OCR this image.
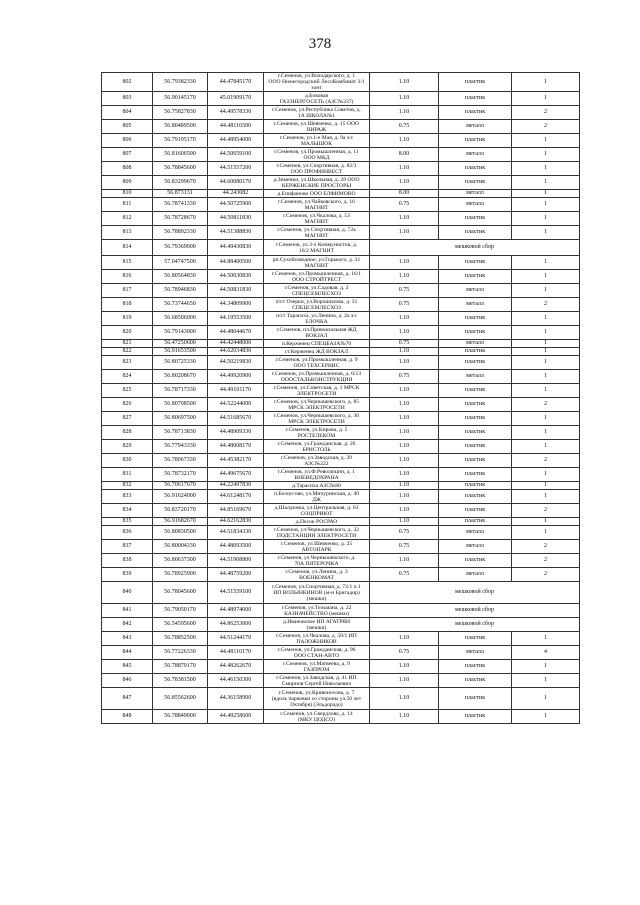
378
802	56.79382330	44.47845170	г.Семенов, ул.Володарского, д. 1
ООО Нижегородский ЛесоКомбинат 3/1 зонт	1.10	пластик	1
803	56.90145170	45.01909170	д.Боковая
ГАЗЭНЕРГОСЕТЬ (АЗС№337)	1.10	пластик	1
804	56.75827830	44.49578330	г.Семенов, ул.Республика Советов, д.
1А ШКОЛА№1	1.10	пластик	2
805	56.80489500	44.48116500	г.Семенов, ул.Шевченко, д. 15 ООО
ВИРАЖ	0.75	металл	2
806	56.79195170	44.48954000	г.Семенов, ул.1-е Мая, д. 9а з/с
МАЛЫШОК	1.10	пластик	1
807	56.81606500	44.50659100	г.Семенов, ул.Промышленная, д. 11
ООО МКД	8.00	металл	1
808	56.78845600	44.51557200	г.Семенов, ул.Спортивная, д. 82/1
ООО ПРОФИНВЕСТ	1.10	пластик	1
809	56.83299670	44.60080170	д.Зименки, ул.Школьная, д. 28 ООО
КЕРЖЕНСКИЕ ПРОСТОРЫ	1.10	пластик	1
810	56.873131	44.243082	д.Епифаново ООО ЕЛФИМОВО	8.00	металл	1
811	56.78741330	44.50725900	г.Семенов, ул.Чайковского, д. 16
МАГНИТ	0.75	металл	1
812	56.78728670	44.50811830	г.Семенов, ул.Чкалова, д. 53
МАГНИТ	1.10	пластик	1
813	56.78892330	44.51388830	г.Семенов, ул.Спортивная, д. 72а
МАГНИТ	1.10	пластик	1
814	56.79369000	44.49430830	г.Семенов, ул.3-х Коммунистов, д.
16/2 МАГНИТ	мешковой сбор		
815	57.04747500	44.88400500	рп.Сухобезводное, ул.Горького, д. 31
МАГНИТ	1.10	пластик	1
816	56.80564830	44.50030830	г.Семенов, ул.Промышленная, д. 16/1
ООО СТРОЙТРЕСТ	1.10	пластик	1
817	56.78946830	44.50831830	г.Семенов, ул.Садовая, д. 2
СПЕЦСЕМЛЕСХОЗ	0.75	металл	1
818	56.73744650	44.34809900	п/ст Озерки, ул.Ворошилова, д. 31
СПЕЦСЕМЛЕСХОЗ	0.75	металл	2
819	56.68506000	44.19553500	п/ст Тарасиха, ул.Ленина, д. 2а з/с
ЕЛОЧКА	1.10	пластик	1
820	56.79143000	44.48044670	г.Семенов, пл.Привокзальная ЖД
ВОКЗАЛ	1.10	пластик	1
821	56.47250600	44.42448000	п.Керженец СПЕЦБАЗА№70	0.75	металл	1
822	56.91653500	44.62034830	ст.Керженец ЖД ВОКЗАЛ	1.10	пластик	1
823	56.80725330	44.50219830	г.Семенов, ул.Промышленная, д. 9
ООО ТЕХСЕРВИС	1.10	пластик	1
824	56.80208670	44.49920900	г.Семенов, ул.Промышленная, д. 6/13
ОООСТАЛЬКОНСТРУКЦИЯ	0.75	металл	1
825	56.78717330	44.49101170	г.Семенов, ул.Советская, д. 1 МРСК
ЭЛЕКТРОСЕТИ	1.10	пластик	1
826	56.80708500	44.52244000	г.Семенов, ул.Чернышевского, д. 85
МРСК ЭЛЕКТРОСЕТИ	1.10	пластик	2
827	56.80697500	44.51685670	г.Семенов, ул.Чернышевского, д. 30
МРСК ЭЛЕКТРОСЕТИ	1.10	пластик	1
828	56.78713830	44.48909330	г.Семенов, ул.Кирова, д. 5
РОСТЕЛЕКОМ	1.10	пластик	1
829	56.77943330	44.48008170	г.Семенов, ул.Гражданская, д. 26
БРИСТОЛЬ	1.10	пластик	1
830	56.78067330	44.45382170	г.Семенов, ул.Заводская, д. 39
АЗС№222	1.10	пластик	2
831	56.78732170	44.49675670	г.Семенов, ул.Ф.Революции, д. 1
ВНЕВЕДОХРАНА	1.10	пластик	1
832	56.70617670	44.22497830	д.Тарасиха АЗС№80	1.10	пластик	1
833	56.91624000	44.61248170	п.Белоусово, ул.Мичуринская, д. 40
ДЖ	1.10	пластик	1
834	56.83720170	44.85169670	д.Шалдежка, ул.Центральная, д. 63
СОЦПРИЮТ	1.10	пластик	2
835	56.91682670	44.62162830	д.Песок РОСРАО	1.10	пластик	1
836	56.80830500	44.51834330	г.Семенов, ул.Чернышевского, д. 32
ПОДСТАНЦИЯ ЭЛЕКТРОСЕТИ	0.75	металл	1
837	56.80004330	44.48093500	г.Семенов, ул.Шевченко, д. 25
АВТОПАРК	0.75	металл	2
838	56.80637300	44.51908800	г.Семенов, ул.Чернышевского, д.
70А ПЯТЕРОЧКА	1.10	пластик	2
839	56.78925900	44.48759200	г.Семенов, ул.Ленина, д. 3
ВОЕНКОМАТ	0.75	металл	2
840	56.78045600	44.51559100	г.Семенов, ул.Спортивная, д. 72/1 п.1
ИП ВОЛЫНКИНОВ (м-н Бригадир) (мешки)	мешковой сбор		
841	56.79050170	44.48974000	г.Семенов, ул.Тельмана, д. 22
КАЗНАЧЕЙСТВО (мешки)	мешковой сбор		
842	56.54595600	44.86253000	д.Ивановское ИП АГАТРЯН
(мешки)	мешковой сбор		
843	56.78852500	44.51244170	г.Семенов, ул.Чкалова, д. 50/1 ИП
ПАЛОЖНИКОВ	1.10	пластик	1
844	56.77226330	44.48110170	г.Семенов, ул.Гражданская, д. 96
ООО СТАН-АВТО	0.75	металл	4
845	56.78879170	44.48262670	г.Семенов, ул.Матвеева, д. 9
ГАЗПРОМ	1.10	пластик	1
846	56.78381500	44.46150300	г.Семенов, ул.Заводская, д. 41 ИП
Смирнов Сергей Николаевич	1.10	пластик	1
847	56.85562600	44.36158900	г.Семенов, ул.Кривоносова, д. 7
(вдоль парковки со стороны ул.50 лет Октября) (Эльдорадо)	1.10	пластик	1
848	56.78849000	44.49258600	г.Семенов, ул.Свердлова, д. 14
(МКУ ЦОДСО)	1.10	пластик	1
